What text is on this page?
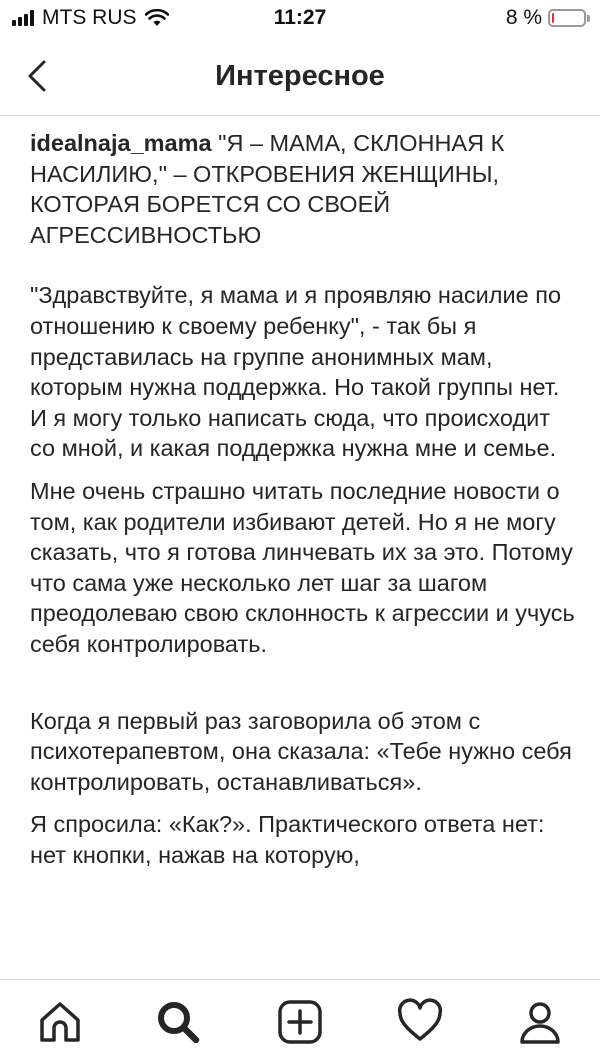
MTS RUS	11:27	8 %
Интересное

idealnaja_mama "Я – МАМА, СКЛОННАЯ К НАСИЛИЮ," – ОТКРОВЕНИЯ ЖЕНЩИНЫ, КОТОРАЯ БОРЕТСЯ СО СВОЕЙ АГРЕССИВНОСТЬЮ

"Здравствуйте, я мама и я проявляю насилие по отношению к своему ребенку", - так бы я представилась на группе анонимных мам, которым нужна поддержка. Но такой группы нет. И я могу только написать сюда, что происходит со мной, и какая поддержка нужна мне и семье.

Мне очень страшно читать последние новости о том, как родители избивают детей. Но я не могу сказать, что я готова линчевать их за это. Потому что сама уже несколько лет шаг за шагом преодолеваю свою склонность к агрессии и учусь себя контролировать.

Когда я первый раз заговорила об этом с психотерапевтом, она сказала: «Тебе нужно себя контролировать, останавливаться».

Я спросила: «Как?». Практического ответа нет: нет кнопки, нажав на которую,
